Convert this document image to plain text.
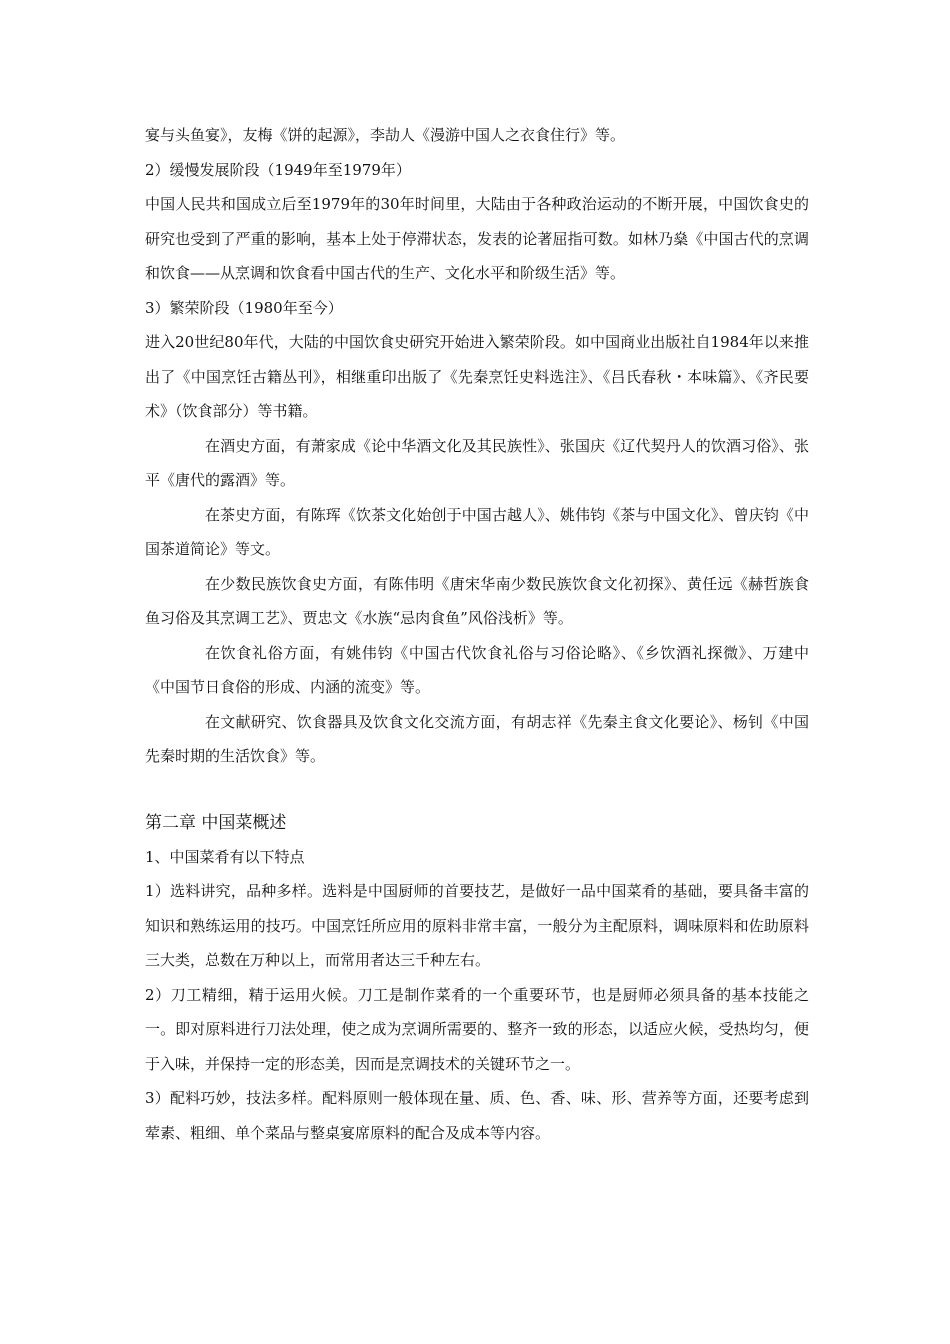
宴与头鱼宴》，友梅《饼的起源》，李劼人《漫游中国人之衣食住行》等。

2）缓慢发展阶段（1949年至1979年）

中国人民共和国成立后至1979年的30年时间里，大陆由于各种政治运动的不断开展，中国饮食史的研究也受到了严重的影响，基本上处于停滞状态，发表的论著屈指可数。如林乃燊《中国古代的烹调和饮食——从烹调和饮食看中国古代的生产、文化水平和阶级生活》等。

3）繁荣阶段（1980年至今）

进入20世纪80年代，大陆的中国饮食史研究开始进入繁荣阶段。如中国商业出版社自1984年以来推出了《中国烹饪古籍丛刊》，相继重印出版了《先秦烹饪史料选注》、《吕氏春秋・本味篇》、《齐民要术》（饮食部分）等书籍。

在酒史方面，有萧家成《论中华酒文化及其民族性》、张国庆《辽代契丹人的饮酒习俗》、张平《唐代的露酒》等。

在茶史方面，有陈珲《饮茶文化始创于中国古越人》、姚伟钧《茶与中国文化》、曾庆钧《中国茶道简论》等文。

在少数民族饮食史方面，有陈伟明《唐宋华南少数民族饮食文化初探》、黄任远《赫哲族食鱼习俗及其烹调工艺》、贾忠文《水族“忌肉食鱼”风俗浅析》等。

在饮食礼俗方面，有姚伟钧《中国古代饮食礼俗与习俗论略》、《乡饮酒礼探微》、万建中《中国节日食俗的形成、内涵的流变》等。

在文献研究、饮食器具及饮食文化交流方面，有胡志祥《先秦主食文化要论》、杨钊《中国先秦时期的生活饮食》等。

第二章 中国菜概述

1、中国菜肴有以下特点

1）选料讲究，品种多样。选料是中国厨师的首要技艺，是做好一品中国菜肴的基础，要具备丰富的知识和熟练运用的技巧。中国烹饪所应用的原料非常丰富，一般分为主配原料，调味原料和佐助原料三大类，总数在万种以上，而常用者达三千种左右。

2）刀工精细，精于运用火候。刀工是制作菜肴的一个重要环节，也是厨师必须具备的基本技能之一。即对原料进行刀法处理，使之成为烹调所需要的、整齐一致的形态，以适应火候，受热均匀，便于入味，并保持一定的形态美，因而是烹调技术的关键环节之一。

3）配料巧妙，技法多样。配料原则一般体现在量、质、色、香、味、形、营养等方面，还要考虑到荤素、粗细、单个菜品与整桌宴席原料的配合及成本等内容。
